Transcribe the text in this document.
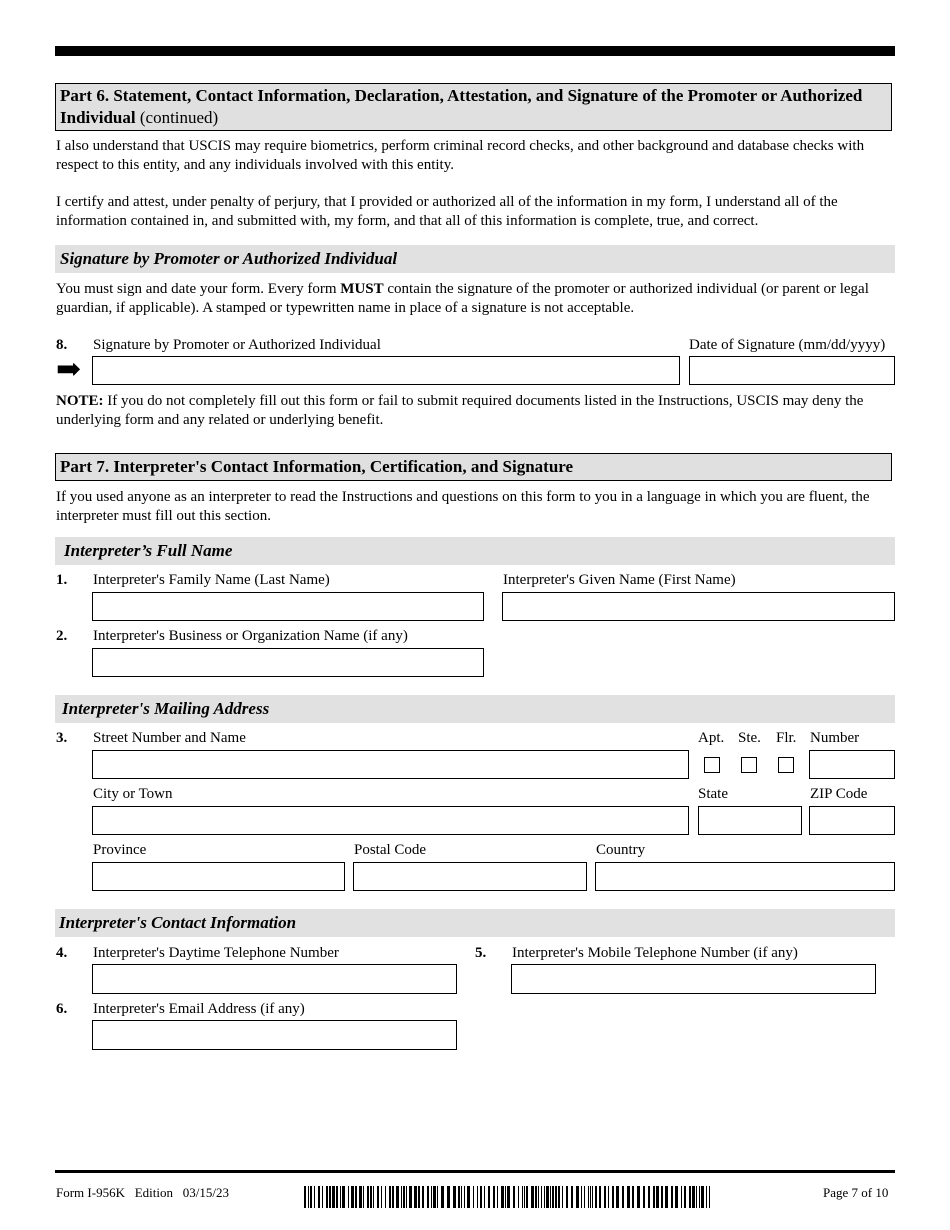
Part 6. Statement, Contact Information, Declaration, Attestation, and Signature of the Promoter or Authorized Individual (continued)
I also understand that USCIS may require biometrics, perform criminal record checks, and other background and database checks with respect to this entity, and any individuals involved with this entity.
I certify and attest, under penalty of perjury, that I provided or authorized all of the information in my form, I understand all of the information contained in, and submitted with, my form, and that all of this information is complete, true, and correct.
Signature by Promoter or Authorized Individual
You must sign and date your form. Every form MUST contain the signature of the promoter or authorized individual (or parent or legal guardian, if applicable). A stamped or typewritten name in place of a signature is not acceptable.
8. Signature by Promoter or Authorized Individual	Date of Signature (mm/dd/yyyy)
➡
NOTE: If you do not completely fill out this form or fail to submit required documents listed in the Instructions, USCIS may deny the underlying form and any related or underlying benefit.
Part 7. Interpreter's Contact Information, Certification, and Signature
If you used anyone as an interpreter to read the Instructions and questions on this form to you in a language in which you are fluent, the interpreter must fill out this section.
Interpreter’s Full Name
1. Interpreter's Family Name (Last Name)	Interpreter's Given Name (First Name)
2. Interpreter's Business or Organization Name (if any)
Interpreter's Mailing Address
3. Street Number and Name	Apt. Ste. Flr. Number
City or Town	State	ZIP Code
Province	Postal Code	Country
Interpreter's Contact Information
4. Interpreter's Daytime Telephone Number	5. Interpreter's Mobile Telephone Number (if any)
6. Interpreter's Email Address (if any)
Form I-956K   Edition   03/15/23	Page 7 of 10
